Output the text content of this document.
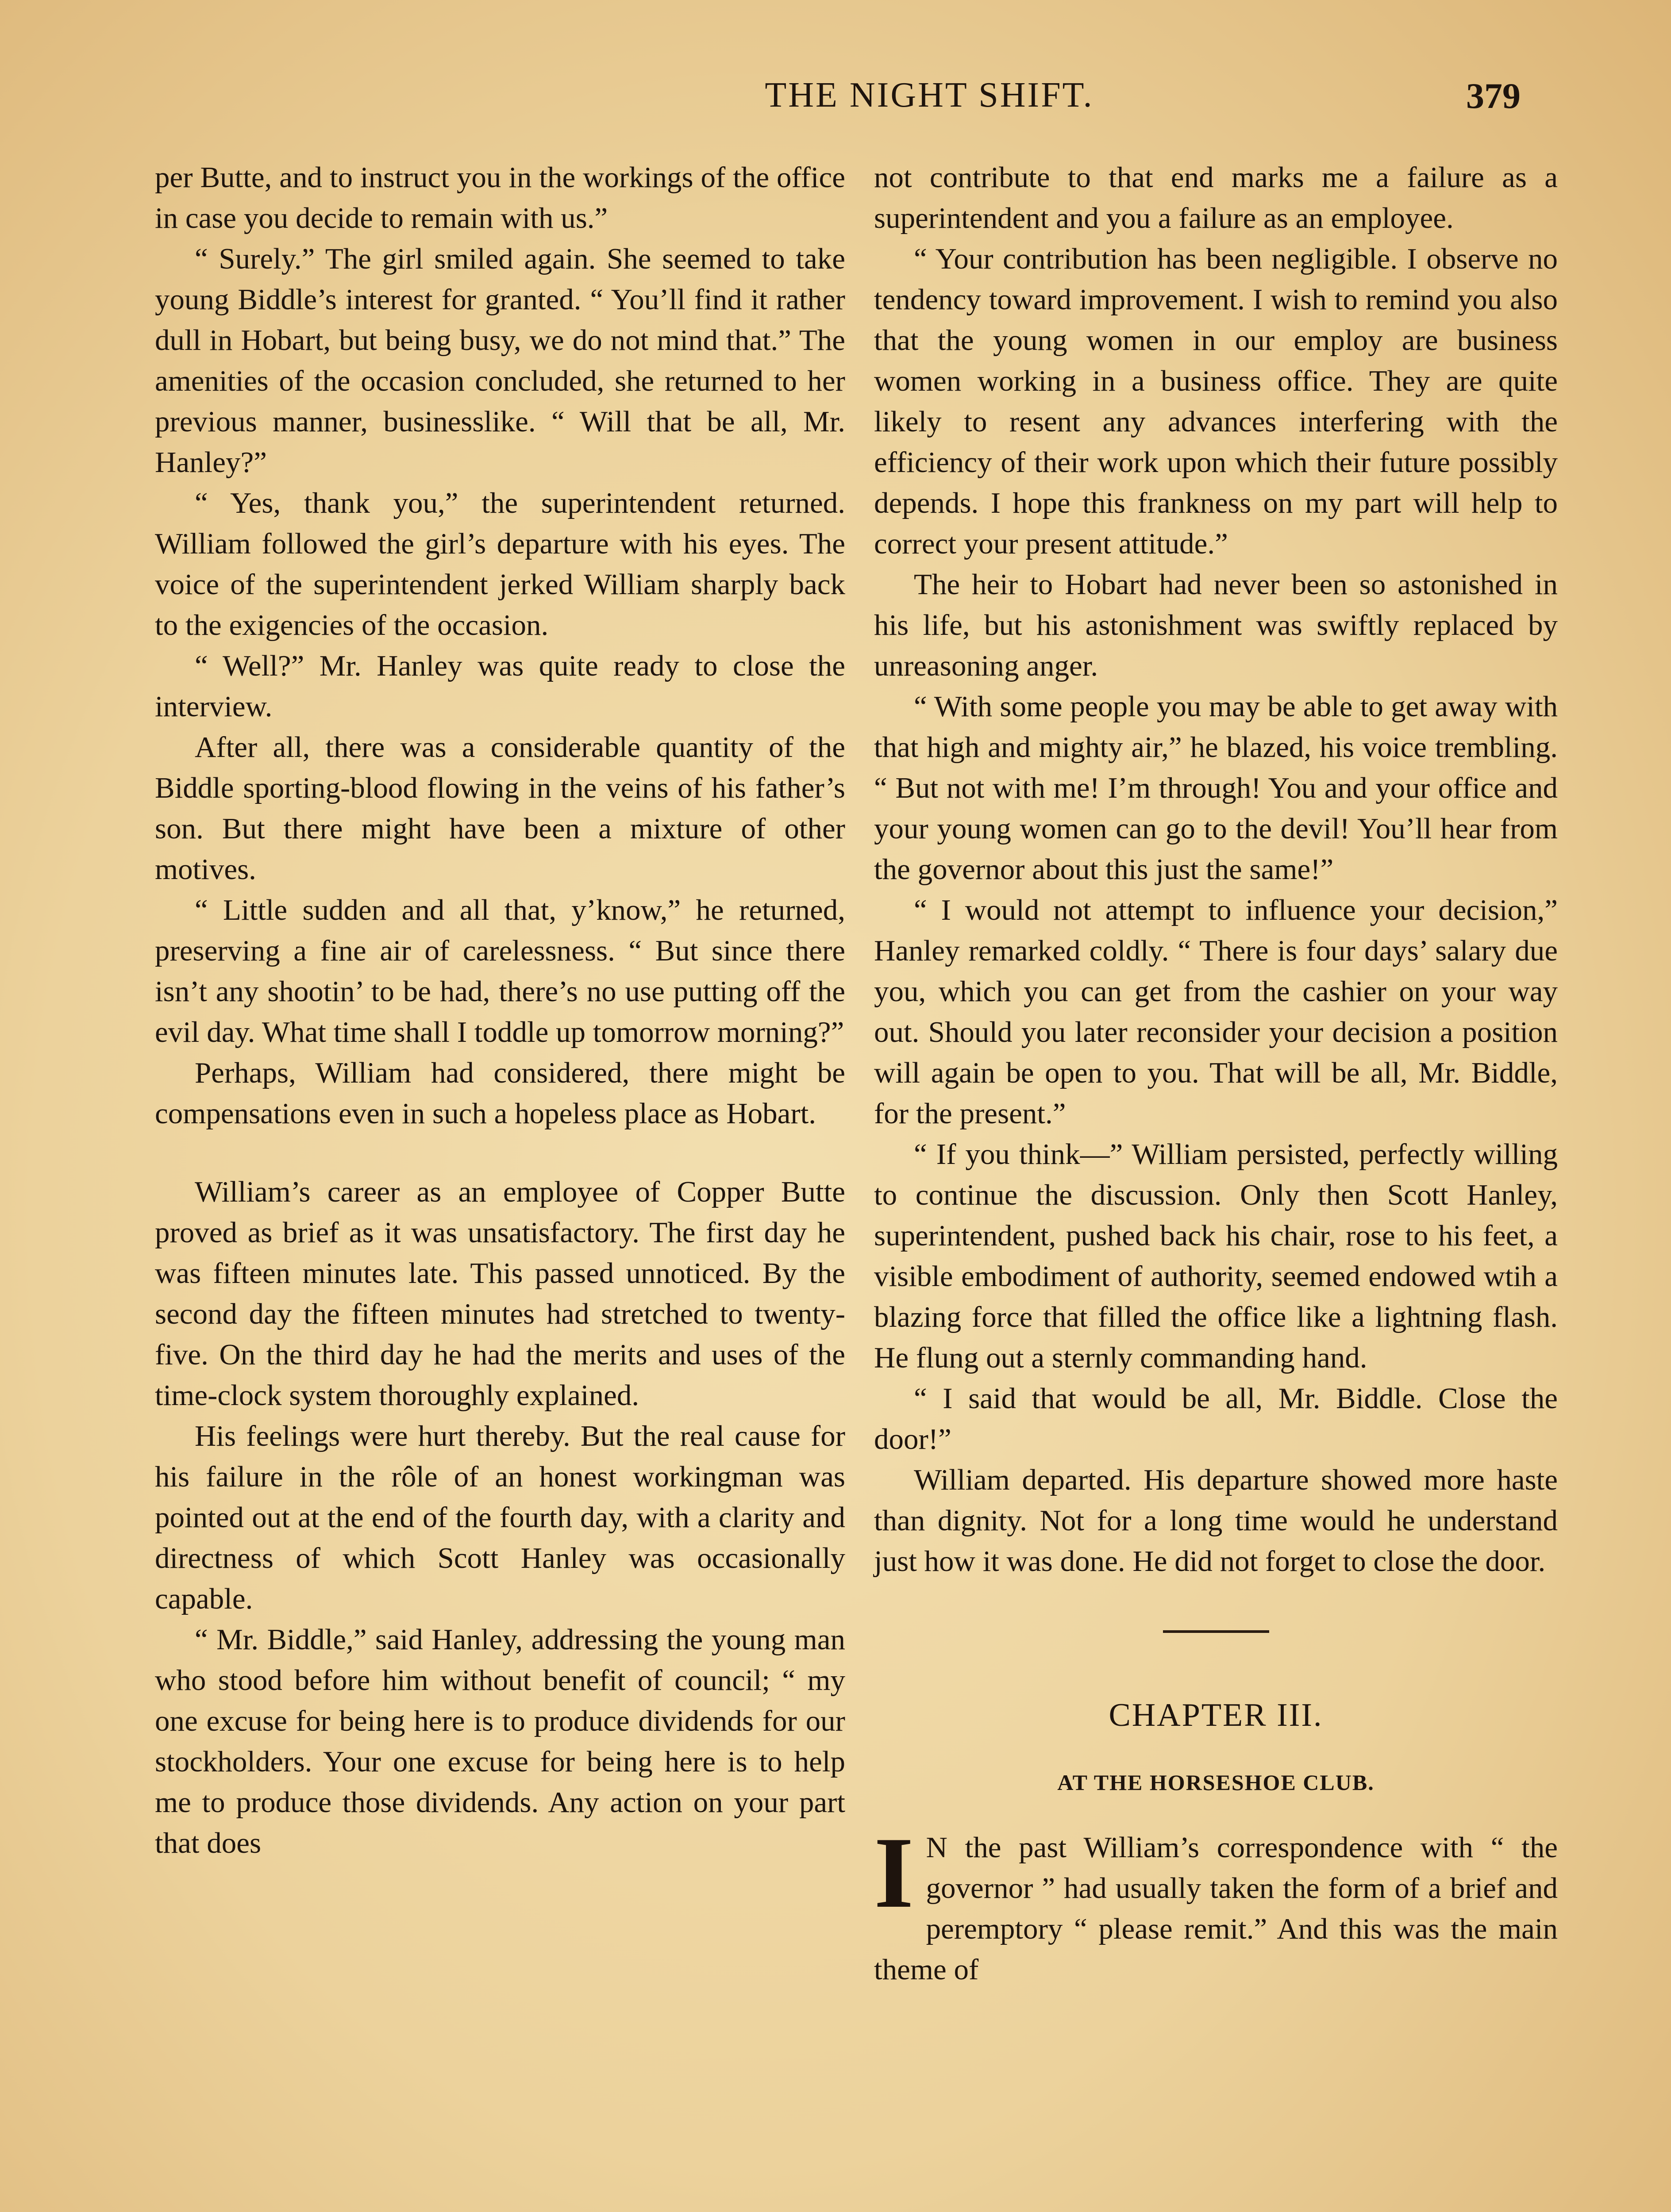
THE NIGHT SHIFT.	379

per Butte, and to instruct you in the workings of the office in case you decide to remain with us.”

“ Surely.” The girl smiled again. She seemed to take young Biddle’s interest for granted. “ You’ll find it rather dull in Hobart, but being busy, we do not mind that.” The amenities of the occasion concluded, she returned to her previous manner, businesslike. “ Will that be all, Mr. Hanley?”

“ Yes, thank you,” the superintendent returned. William followed the girl’s departure with his eyes. The voice of the superintendent jerked William sharply back to the exigencies of the occasion.

“ Well?” Mr. Hanley was quite ready to close the interview.

After all, there was a considerable quantity of the Biddle sporting-blood flowing in the veins of his father’s son. But there might have been a mixture of other motives.

“ Little sudden and all that, y’know,” he returned, preserving a fine air of carelessness. “ But since there isn’t any shootin’ to be had, there’s no use putting off the evil day. What time shall I toddle up tomorrow morning?”

Perhaps, William had considered, there might be compensations even in such a hopeless place as Hobart.

William’s career as an employee of Copper Butte proved as brief as it was unsatisfactory. The first day he was fifteen minutes late. This passed unnoticed. By the second day the fifteen minutes had stretched to twenty-five. On the third day he had the merits and uses of the time-clock system thoroughly explained.

His feelings were hurt thereby. But the real cause for his failure in the rôle of an honest workingman was pointed out at the end of the fourth day, with a clarity and directness of which Scott Hanley was occasionally capable.

“ Mr. Biddle,” said Hanley, addressing the young man who stood before him without benefit of council; “ my one excuse for being here is to produce dividends for our stockholders. Your one excuse for being here is to help me to produce those dividends. Any action on your part that does

not contribute to that end marks me a failure as a superintendent and you a failure as an employee.

“ Your contribution has been negligible. I observe no tendency toward improvement. I wish to remind you also that the young women in our employ are business women working in a business office. They are quite likely to resent any advances interfering with the efficiency of their work upon which their future possibly depends. I hope this frankness on my part will help to correct your present attitude.”

The heir to Hobart had never been so astonished in his life, but his astonishment was swiftly replaced by unreasoning anger.

“ With some people you may be able to get away with that high and mighty air,” he blazed, his voice trembling. “ But not with me! I’m through! You and your office and your young women can go to the devil! You’ll hear from the governor about this just the same!”

“ I would not attempt to influence your decision,” Hanley remarked coldly. “ There is four days’ salary due you, which you can get from the cashier on your way out. Should you later reconsider your decision a position will again be open to you. That will be all, Mr. Biddle, for the present.”

“ If you think—” William persisted, perfectly willing to continue the discussion. Only then Scott Hanley, superintendent, pushed back his chair, rose to his feet, a visible embodiment of authority, seemed endowed wtih a blazing force that filled the office like a lightning flash. He flung out a sternly commanding hand.

“ I said that would be all, Mr. Biddle. Close the door!”

William departed. His departure showed more haste than dignity. Not for a long time would he understand just how it was done. He did not forget to close the door.

CHAPTER III.
AT THE HORSESHOE CLUB.

I N the past William’s correspondence with “ the governor ” had usually taken the form of a brief and peremptory “ please remit.” And this was the main theme of
